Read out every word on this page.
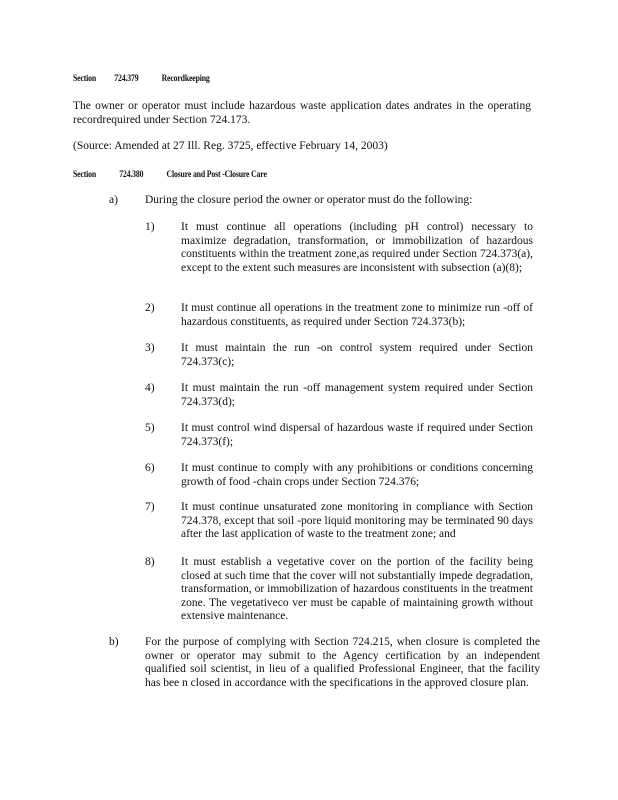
Section 724.379 Recordkeeping
The owner or operator must include hazardous waste application dates andrates in the operating recordrequired under Section 724.173.
(Source: Amended at 27 Ill. Reg. 3725, effective February 14, 2003)
Section 724.380 Closure and Post -Closure Care
a) During the closure period the owner or operator must do the following:
1) It must continue all operations (including pH control) necessary to maximize degradation, transformation, or immobilization of hazardous constituents within the treatment zone,as required under Section 724.373(a), except to the extent such measures are inconsistent with subsection (a)(8);
2) It must continue all operations in the treatment zone to minimize run -off of hazardous constituents, as required under Section 724.373(b);
3) It must maintain the run -on control system required under Section 724.373(c);
4) It must maintain the run -off management system required under Section 724.373(d);
5) It must control wind dispersal of hazardous waste if required under Section 724.373(f);
6) It must continue to comply with any prohibitions or conditions concerning growth of food -chain crops under Section 724.376;
7) It must continue unsaturated zone monitoring in compliance with Section 724.378, except that soil -pore liquid monitoring may be terminated 90 days after the last application of waste to the treatment zone; and
8) It must establish a vegetative cover on the portion of the facility being closed at such time that the cover will not substantially impede degradation, transformation, or immobilization of hazardous constituents in the treatment zone. The vegetativeco ver must be capable of maintaining growth without extensive maintenance.
b) For the purpose of complying with Section 724.215, when closure is completed the owner or operator may submit to the Agency certification by an independent qualified soil scientist, in lieu of a qualified Professional Engineer, that the facility has bee n closed in accordance with the specifications in the approved closure plan.
